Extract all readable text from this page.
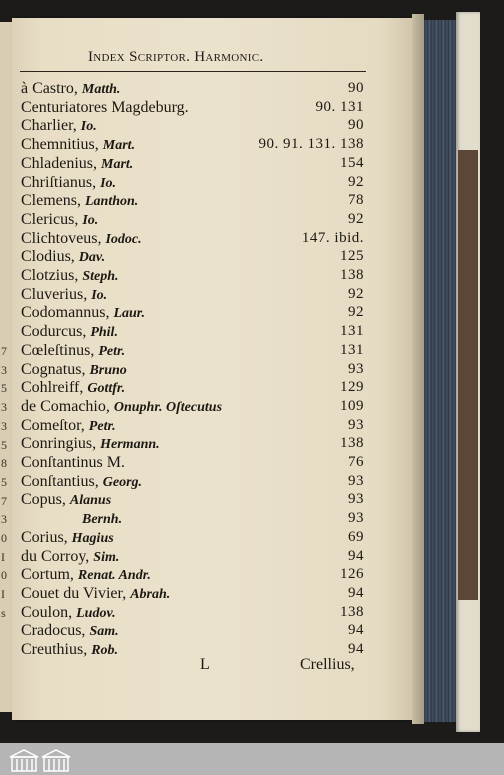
7
3
5
3
3
5
8
5
7
3
0
I
0
I
s
Index Scriptor. Harmonic.
à Castro, Matth.	90
Centuriatores Magdeburg.	90. 131
Charlier, Io.	90
Chemnitius, Mart.	90. 91. 131. 138
Chladenius, Mart.	154
Chriſtianus, Io.	92
Clemens, Lanthon.	78
Clericus, Io.	92
Clichtoveus, Iodoc.	147. ibid.
Clodius, Dav.	125
Clotzius, Steph.	138
Cluverius, Io.	92
Codomannus, Laur.	92
Codurcus, Phil.	131
Cœleſtinus, Petr.	131
Cognatus, Bruno	93
Cohlreiff, Gottfr.	129
de Comachio, Onuphr. Oſtecutus	109
Comeſtor, Petr.	93
Conringius, Hermann.	138
Conſtantinus M.	76
Conſtantius, Georg.	93
Copus, Alanus	93
Bernh.	93
Corius, Hagius	69
du Corroy, Sim.	94
Cortum, Renat. Andr.	126
Couet du Vivier, Abrah.	94
Coulon, Ludov.	138
Cradocus, Sam.	94
Creuthius, Rob.	94
L	Crellius,
